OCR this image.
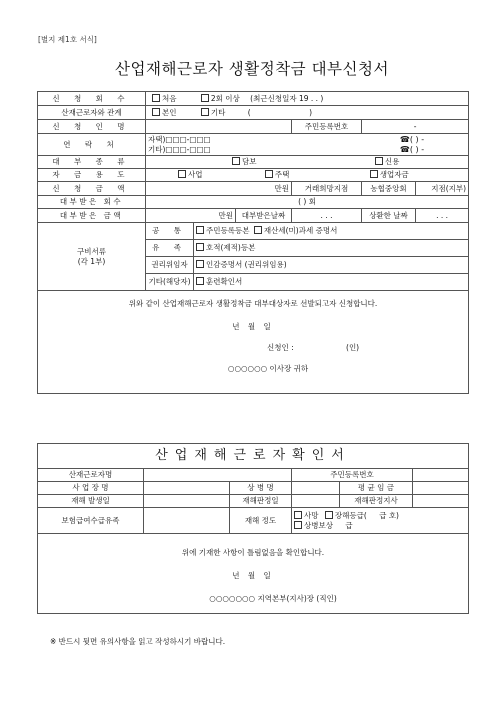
[별지 제1호 서식]
산업재해근로자 생활정착금 대부신청서
신 청 회 수	처음 2회 이상 (최근신청일자 19 . . )					
산재근로자와 관계	본인 기타 ( )					
신 청 인 명				주민등록번호	-	
연 락 처	자택)□□□-□□□ ☎( ) -
기타)□□□-□□□ ☎( ) -					

대 부 종 류	담보 신용					
자 금 용 도	사업 주택 생업자금					
신 청 금 액	만원			거래희망지점	농협중앙회	지점(지부)
대부받은 회수	( ) 회					
대부받은 금액	만원		대부받은날짜	. . .	상환한 날짜	. . .

구비서류
(각 1부)	공 통	주민등록등본 재산세(미)과세 증명서				
	유 족	호적(제적)등본				
	권리위임자	인감증명서 (권리위임용)				
	기타(해당자)	훈련확인서				

위와 같이 산업재해근로자 생활정착금 대부대상자로 선발되고자 신청합니다.
년 월 일
신청인 : (인)
○○○○○○ 이사장 귀하						
산업재해근로자확인서					
산재근로자명			주민등록번호		
사 업 장 명		상 병 명		평 균 임 금	
재해 발생일		재해판정일		재해판정지사	
보험급여수급유족		재해 정도	사망 장해등급( 급 호)
상병보상 급		

위에 기재한 사항이 틀림없음을 확인합니다.
년 월 일
○○○○○○○ 지역본부(지사)장 (직인)					
※ 반드시 뒷면 유의사항을 읽고 작성하시기 바랍니다.
